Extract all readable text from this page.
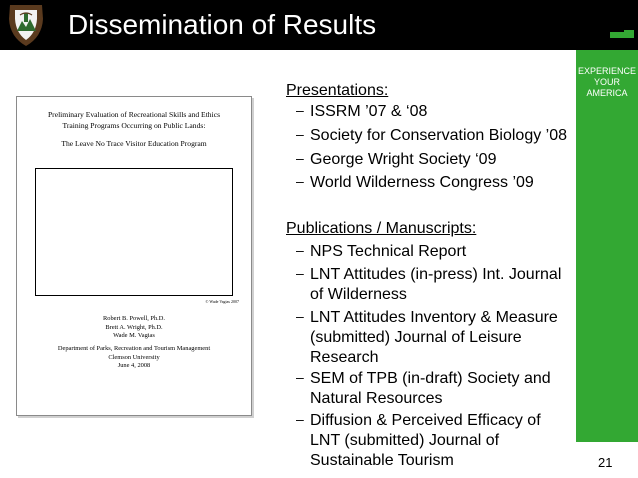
Dissemination of Results
EXPERIENCE
YOUR
AMERICA
Preliminary Evaluation of Recreational Skills and Ethics
Training Programs Occurring on Public Lands:
The Leave No Trace Visitor Education Program
© Wade Vagias 2007
Robert B. Powell, Ph.D.
Brett A. Wright, Ph.D.
Wade M. Vagias
Department of Parks, Recreation and Tourism Management
Clemson University
June 4, 2008
Presentations:
– ISSRM ’07 & ‘08
– Society for Conservation Biology ’08
– George Wright Society ‘09
– World Wilderness Congress ’09
Publications / Manuscripts:
– NPS Technical Report
– LNT Attitudes (in-press) Int. Journal
of Wilderness
– LNT Attitudes Inventory & Measure
(submitted) Journal of Leisure
Research
– SEM of TPB (in-draft) Society and
Natural Resources
– Diffusion & Perceived Efficacy of
LNT (submitted) Journal of
Sustainable Tourism	21
